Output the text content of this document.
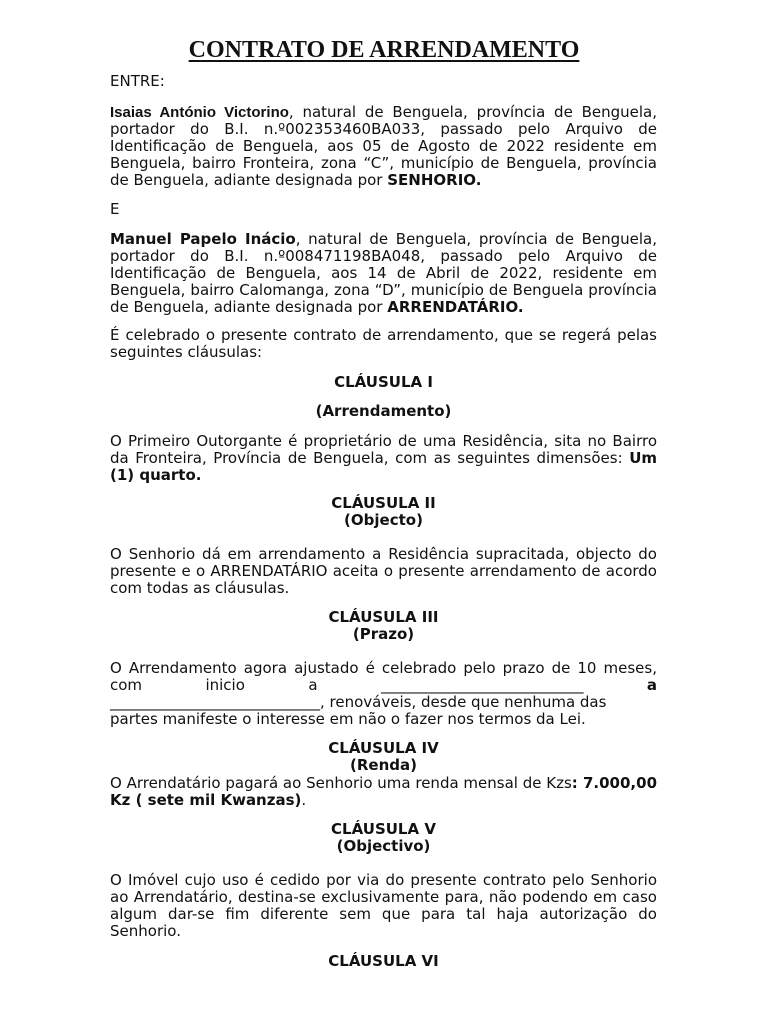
CONTRATO DE ARRENDAMENTO

ENTRE:

Isaias António Victorino, natural de Benguela, província de Benguela, portador do B.I. n.º002353460BA033, passado pelo Arquivo de Identificação de Benguela, aos 05 de Agosto de 2022 residente em Benguela, bairro Fronteira, zona “C”, município de Benguela, província de Benguela, adiante designada por SENHORIO.

E

Manuel Papelo Inácio, natural de Benguela, província de Benguela, portador do B.I. n.º008471198BA048, passado pelo Arquivo de Identificação de Benguela, aos 14 de Abril de 2022, residente em Benguela, bairro Calomanga, zona “D”, município de Benguela província de Benguela, adiante designada por ARRENDATÁRIO.

É celebrado o presente contrato de arrendamento, que se regerá pelas seguintes cláusulas:

CLÁUSULA I

(Arrendamento)

O Primeiro Outorgante é proprietário de uma Residência, sita no Bairro da Fronteira, Província de Benguela, com as seguintes dimensões: Um (1) quarto.

CLÁUSULA II

(Objecto)

O Senhorio dá em arrendamento a Residência supracitada, objecto do presente e o ARRENDATÁRIO aceita o presente arrendamento de acordo com todas as cláusulas.

CLÁUSULA III

(Prazo)

O Arrendamento agora ajustado é celebrado pelo prazo de 10 meses,
com	inicio	a	___________________________	a
____________________________, renováveis, desde que nenhuma das
partes manifeste o interesse em não o fazer nos termos da Lei.

CLÁUSULA IV

(Renda)

O Arrendatário pagará ao Senhorio uma renda mensal de Kzs: 7.000,00 Kz ( sete mil Kwanzas).

CLÁUSULA V

(Objectivo)

O Imóvel cujo uso é cedido por via do presente contrato pelo Senhorio ao Arrendatário, destina-se exclusivamente para, não podendo em caso algum dar-se fim diferente sem que para tal haja autorização do Senhorio.

CLÁUSULA VI
